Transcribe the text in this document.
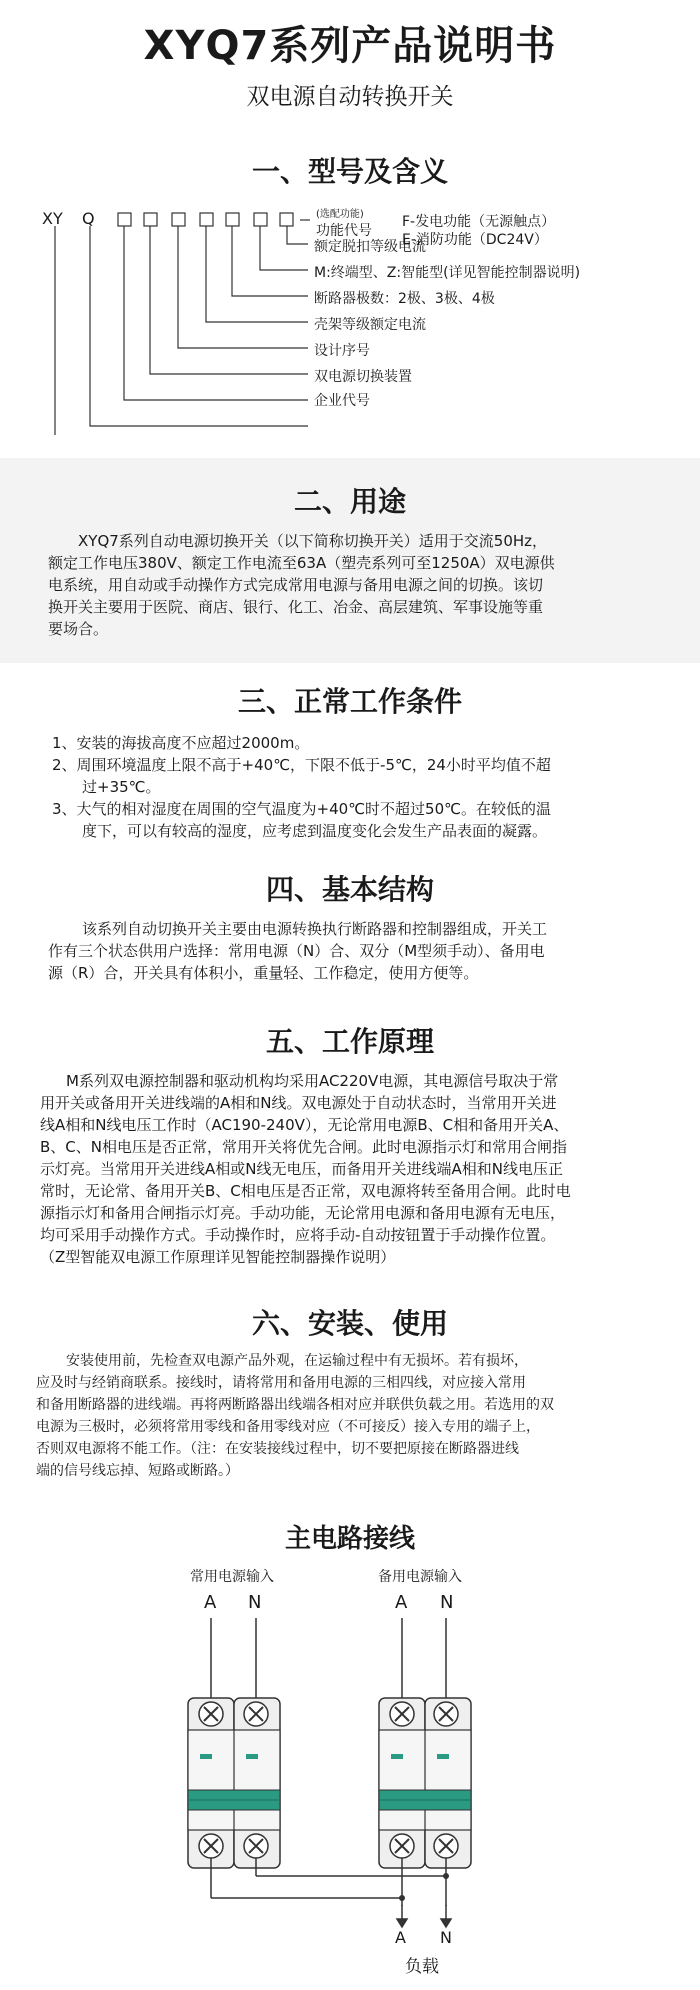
XYQ7系列产品说明书
双电源自动转换开关
一、型号及含义
XY Q	(选配功能)
功能代号
F-发电功能（无源触点）
E-消防功能（DC24V）
额定脱扣等级电流
M:终端型、Z:智能型(详见智能控制器说明)
断路器极数：2极、3极、4极
壳架等级额定电流
设计序号
双电源切换装置
企业代号
二、用途
XYQ7系列自动电源切换开关（以下简称切换开关）适用于交流50Hz，
额定工作电压380V、额定工作电流至63A（塑壳系列可至1250A）双电源供
电系统，用自动或手动操作方式完成常用电源与备用电源之间的切换。该切
换开关主要用于医院、商店、银行、化工、冶金、高层建筑、军事设施等重
要场合。
三、正常工作条件
1、安装的海拔高度不应超过2000m。
2、周围环境温度上限不高于+40℃，下限不低于-5℃，24小时平均值不超
过+35℃。
3、大气的相对湿度在周围的空气温度为+40℃时不超过50℃。在较低的温
度下，可以有较高的湿度，应考虑到温度变化会发生产品表面的凝露。
四、基本结构
该系列自动切换开关主要由电源转换执行断路器和控制器组成，开关工
作有三个状态供用户选择：常用电源（N）合、双分（M型须手动）、备用电
源（R）合，开关具有体积小，重量轻、工作稳定，使用方便等。
五、工作原理
M系列双电源控制器和驱动机构均采用AC220V电源，其电源信号取决于常
用开关或备用开关进线端的A相和N线。双电源处于自动状态时，当常用开关进
线A相和N线电压工作时（AC190-240V），无论常用电源B、C相和备用开关A、
B、C、N相电压是否正常，常用开关将优先合闸。此时电源指示灯和常用合闸指
示灯亮。当常用开关进线A相或N线无电压，而备用开关进线端A相和N线电压正
常时，无论常、备用开关B、C相电压是否正常，双电源将转至备用合闸。此时电
源指示灯和备用合闸指示灯亮。手动功能，无论常用电源和备用电源有无电压，
均可采用手动操作方式。手动操作时，应将手动-自动按钮置于手动操作位置。
（Z型智能双电源工作原理详见智能控制器操作说明）
六、安装、使用
安装使用前，先检查双电源产品外观，在运输过程中有无损坏。若有损坏，
应及时与经销商联系。接线时，请将常用和备用电源的三相四线，对应接入常用
和备用断路器的进线端。再将两断路器出线端各相对应并联供负载之用。若选用的双
电源为三极时，必须将常用零线和备用零线对应（不可接反）接入专用的端子上，
否则双电源将不能工作。（注：在安装接线过程中，切不要把原接在断路器进线
端的信号线忘掉、短路或断路。）
主电路接线
常用电源输入	备用电源输入
A N	A N
A N
负载
